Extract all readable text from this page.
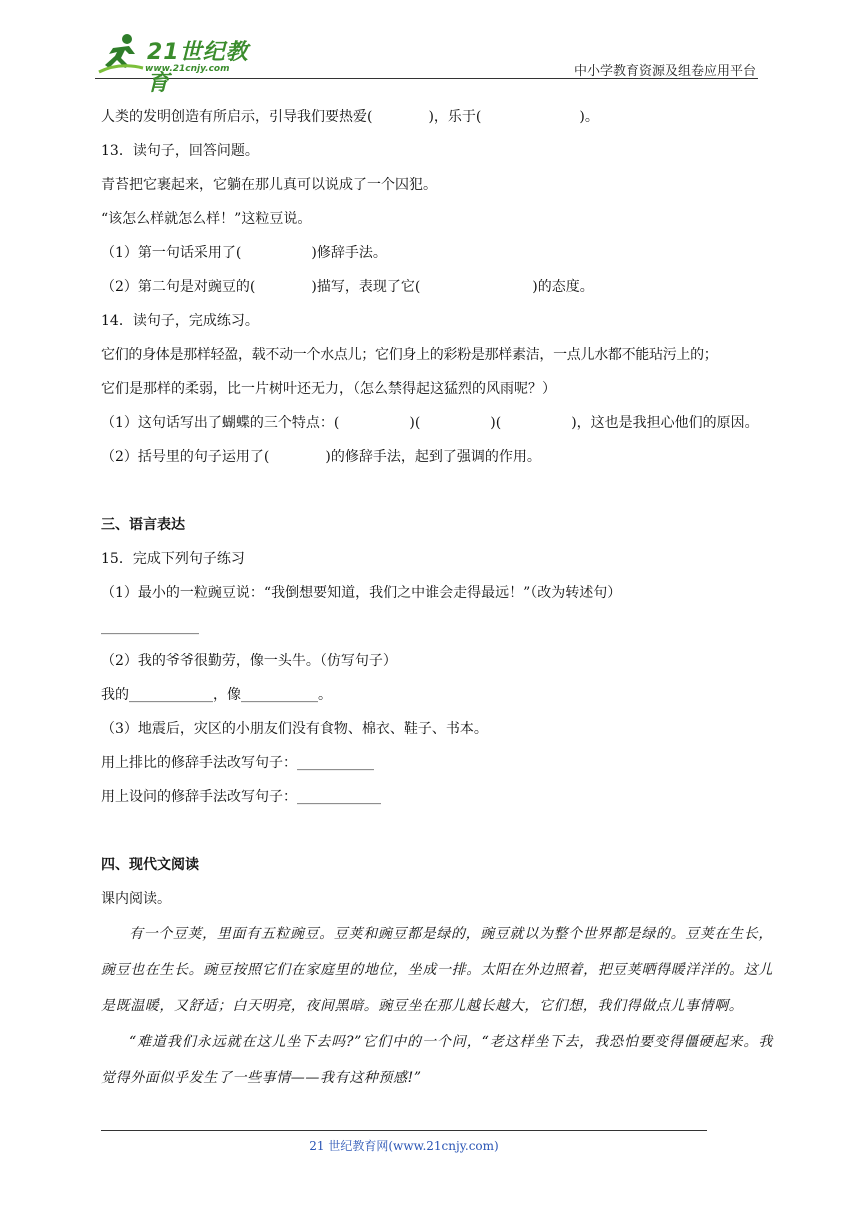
21世纪教育
www.21cnjy.com	中小学教育资源及组卷应用平台
人类的发明创造有所启示，引导我们要热爱(　　　　)，乐于(　　　　　　　)。
13．读句子，回答问题。
青苔把它裹起来，它躺在那儿真可以说成了一个囚犯。
“该怎么样就怎么样！”这粒豆说。
（1）第一句话采用了(　　　　　)修辞手法。
（2）第二句是对豌豆的(　　　　)描写，表现了它(　　　　　　　　)的态度。
14．读句子，完成练习。
它们的身体是那样轻盈，载不动一个水点儿；它们身上的彩粉是那样素洁，一点儿水都不能玷污上的；
它们是那样的柔弱，比一片树叶还无力，（怎么禁得起这猛烈的风雨呢？）
（1）这句话写出了蝴蝶的三个特点：(　　　　　)(　　　　　)(　　　　　)，这也是我担心他们的原因。
（2）括号里的句子运用了(　　　　)的修辞手法，起到了强调的作用。
三、语言表达
15．完成下列句子练习
（1）最小的一粒豌豆说：“我倒想要知道，我们之中谁会走得最远！”（改为转述句）
______________
（2）我的爷爷很勤劳，像一头牛。（仿写句子）
我的____________，像___________。
（3）地震后，灾区的小朋友们没有食物、棉衣、鞋子、书本。
用上排比的修辞手法改写句子：___________
用上设问的修辞手法改写句子：____________
四、现代文阅读
课内阅读。
有一个豆荚，里面有五粒豌豆。豆荚和豌豆都是绿的，豌豆就以为整个世界都是绿的。豆荚在生长，豌豆也在生长。豌豆按照它们在家庭里的地位，坐成一排。太阳在外边照着，把豆荚晒得暖洋洋的。这儿是既温暖，又舒适；白天明亮，夜间黑暗。豌豆坐在那儿越长越大，它们想，我们得做点儿事情啊。
“难道我们永远就在这儿坐下去吗?”它们中的一个问，“老这样坐下去，我恐怕要变得僵硬起来。我觉得外面似乎发生了一些事情——我有这种预感!”
21 世纪教育网(www.21cnjy.com)
